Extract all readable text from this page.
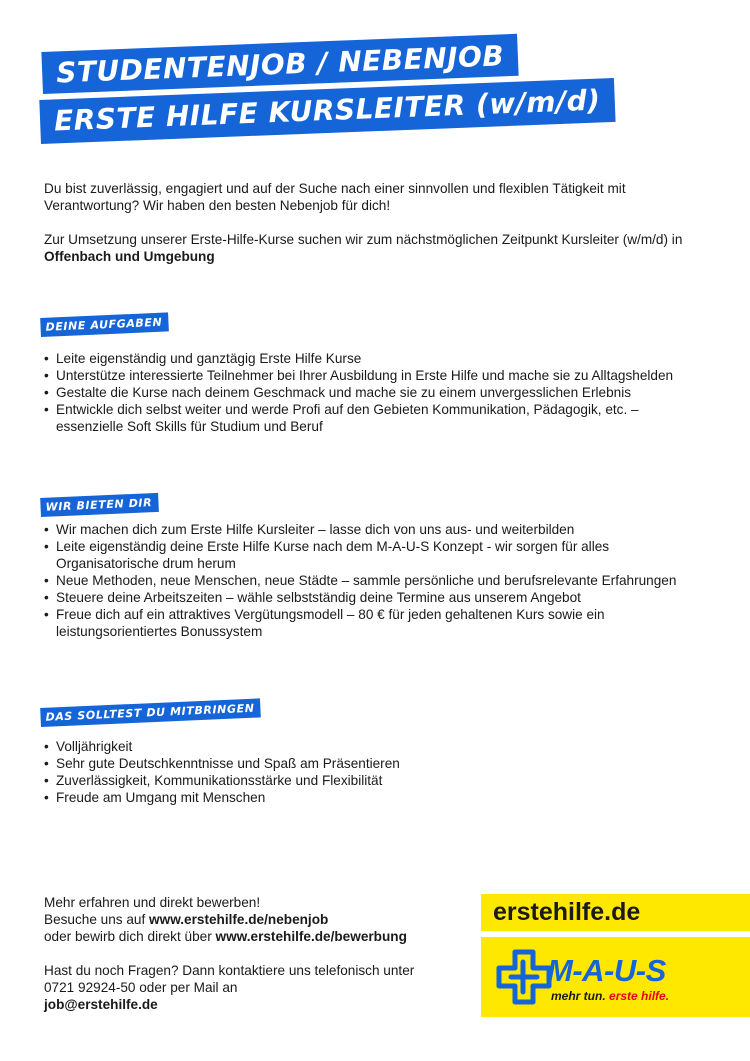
STUDENTENJOB / NEBENJOB
ERSTE HILFE KURSLEITER (w/m/d)

Du bist zuverlässig, engagiert und auf der Suche nach einer sinnvollen und flexiblen Tätigkeit mit Verantwortung? Wir haben den besten Nebenjob für dich!

Zur Umsetzung unserer Erste-Hilfe-Kurse suchen wir zum nächstmöglichen Zeitpunkt Kursleiter (w/m/d) in Offenbach und Umgebung

DEINE AUFGABEN
• Leite eigenständig und ganztägig Erste Hilfe Kurse
• Unterstütze interessierte Teilnehmer bei Ihrer Ausbildung in Erste Hilfe und mache sie zu Alltagshelden
• Gestalte die Kurse nach deinem Geschmack und mache sie zu einem unvergesslichen Erlebnis
• Entwickle dich selbst weiter und werde Profi auf den Gebieten Kommunikation, Pädagogik, etc. – essenzielle Soft Skills für Studium und Beruf
WIR BIETEN DIR
• Wir machen dich zum Erste Hilfe Kursleiter – lasse dich von uns aus- und weiterbilden
• Leite eigenständig deine Erste Hilfe Kurse nach dem M-A-U-S Konzept - wir sorgen für alles Organisatorische drum herum
• Neue Methoden, neue Menschen, neue Städte – sammle persönliche und berufsrelevante Erfahrungen
• Steuere deine Arbeitszeiten – wähle selbstständig deine Termine aus unserem Angebot
• Freue dich auf ein attraktives Vergütungsmodell – 80 € für jeden gehaltenen Kurs sowie ein leistungsorientiertes Bonussystem
DAS SOLLTEST DU MITBRINGEN
• Volljährigkeit
• Sehr gute Deutschkenntnisse und Spaß am Präsentieren
• Zuverlässigkeit, Kommunikationsstärke und Flexibilität
• Freude am Umgang mit Menschen

Mehr erfahren und direkt bewerben!
Besuche uns auf www.erstehilfe.de/nebenjob
oder bewirb dich direkt über www.erstehilfe.de/bewerbung

Hast du noch Fragen? Dann kontaktiere uns telefonisch unter
0721 92924-50 oder per Mail an
job@erstehilfe.de

erstehilfe.de
M-A-U-S
mehr tun. erste hilfe.
